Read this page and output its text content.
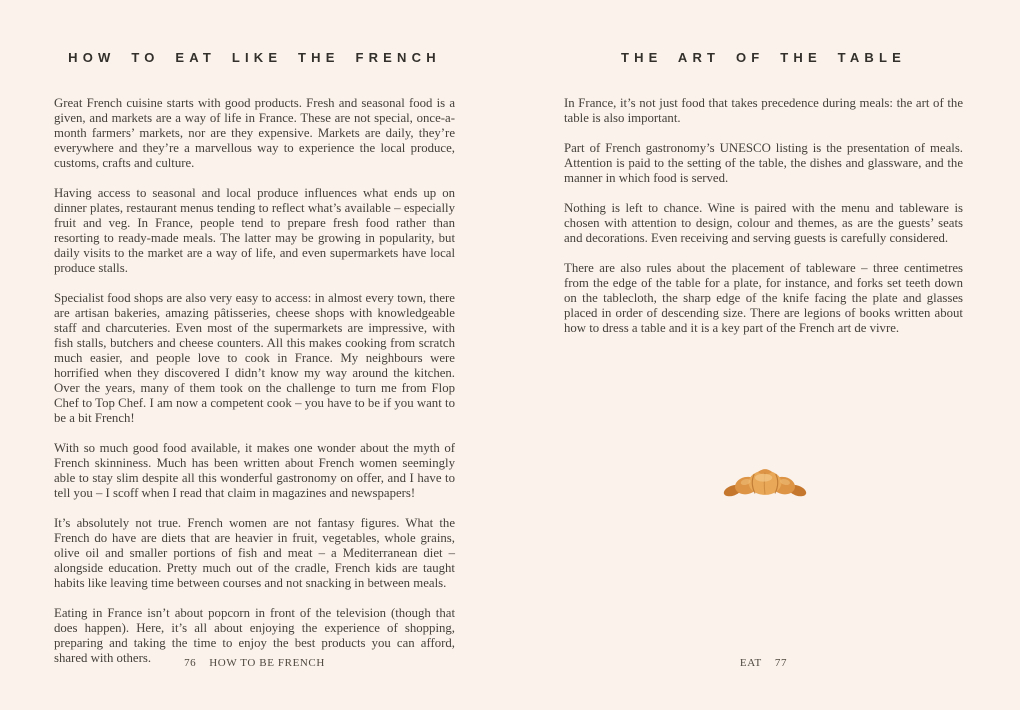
HOW TO EAT LIKE THE FRENCH

Great French cuisine starts with good products. Fresh and seasonal food is a given, and markets are a way of life in France. These are not special, once-a-month farmers’ markets, nor are they expensive. Markets are daily, they’re everywhere and they’re a marvellous way to experience the local produce, customs, crafts and culture.

Having access to seasonal and local produce influences what ends up on dinner plates, restaurant menus tending to reflect what’s available – especially fruit and veg. In France, people tend to prepare fresh food rather than resorting to ready-made meals. The latter may be growing in popularity, but daily visits to the market are a way of life, and even supermarkets have local produce stalls.

Specialist food shops are also very easy to access: in almost every town, there are artisan bakeries, amazing pâtisseries, cheese shops with knowledgeable staff and charcuteries. Even most of the supermarkets are impressive, with fish stalls, butchers and cheese counters. All this makes cooking from scratch much easier, and people love to cook in France. My neighbours were horrified when they discovered I didn’t know my way around the kitchen. Over the years, many of them took on the challenge to turn me from Flop Chef to Top Chef. I am now a competent cook – you have to be if you want to be a bit French!

With so much good food available, it makes one wonder about the myth of French skinniness. Much has been written about French women seemingly able to stay slim despite all this wonderful gastronomy on offer, and I have to tell you – I scoff when I read that claim in magazines and newspapers!

It’s absolutely not true. French women are not fantasy figures. What the French do have are diets that are heavier in fruit, vegetables, whole grains, olive oil and smaller portions of fish and meat – a Mediterranean diet – alongside education. Pretty much out of the cradle, French kids are taught habits like leaving time between courses and not snacking in between meals.

Eating in France isn’t about popcorn in front of the television (though that does happen). Here, it’s all about enjoying the experience of shopping, preparing and taking the time to enjoy the best products you can afford, shared with others.	76 HOW TO BE FRENCH
THE ART OF THE TABLE

In France, it’s not just food that takes precedence during meals: the art of the table is also important.

Part of French gastronomy’s UNESCO listing is the presentation of meals. Attention is paid to the setting of the table, the dishes and glassware, and the manner in which food is served.

Nothing is left to chance. Wine is paired with the menu and tableware is chosen with attention to design, colour and themes, as are the guests’ seats and decorations. Even receiving and serving guests is carefully considered.

There are also rules about the placement of tableware – three centimetres from the edge of the table for a plate, for instance, and forks set teeth down on the tablecloth, the sharp edge of the knife facing the plate and glasses placed in order of descending size. There are legions of books written about how to dress a table and it is a key part of the French art de vivre.

EAT 77
